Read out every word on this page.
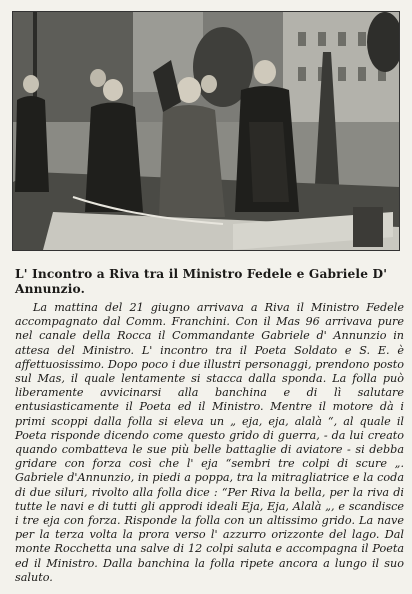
L' Incontro a Riva tra il Ministro Fedele e Gabriele D' Annunzio.

La mattina del 21 giugno arrivava a Riva il Ministro Fedele accompagnato dal Comm. Franchini. Con il Mas 96 arrivava pure nel canale della Rocca il Commandante Gabriele d' Annunzio in attesa del Ministro. L' incontro tra il Poeta Soldato e S. E. è affettuosissimo. Dopo poco i due illustri personaggi, prendono posto sul Mas, il quale lentamente si stacca dalla sponda. La folla può liberamente avvicinarsi alla banchina e di lì salutare entusiasticamente il Poeta ed il Ministro. Mentre il motore dà i primi scoppi dalla folla si eleva un „ eja, eja, alalà “, al quale il Poeta risponde dicendo come questo grido di guerra, - da lui creato quando combatteva le sue più belle battaglie di aviatore - si debba gridare con forza così che l' eja “sembri tre colpi di scure „. Gabriele d'Annunzio, in piedi a poppa, tra la mitragliatrice e la coda di due siluri, rivolto alla folla dice : “Per Riva la bella, per la riva di tutte le navi e di tutti gli approdi ideali Eja, Eja, Alalà „, e scandisce i tre eja con forza. Risponde la folla con un altissimo grido. La nave per la terza volta la prora verso l' azzurro orizzonte del lago. Dal monte Rocchetta una salve di 12 colpi saluta e accompagna il Poeta ed il Ministro. Dalla banchina la folla ripete ancora a lungo il suo saluto.
